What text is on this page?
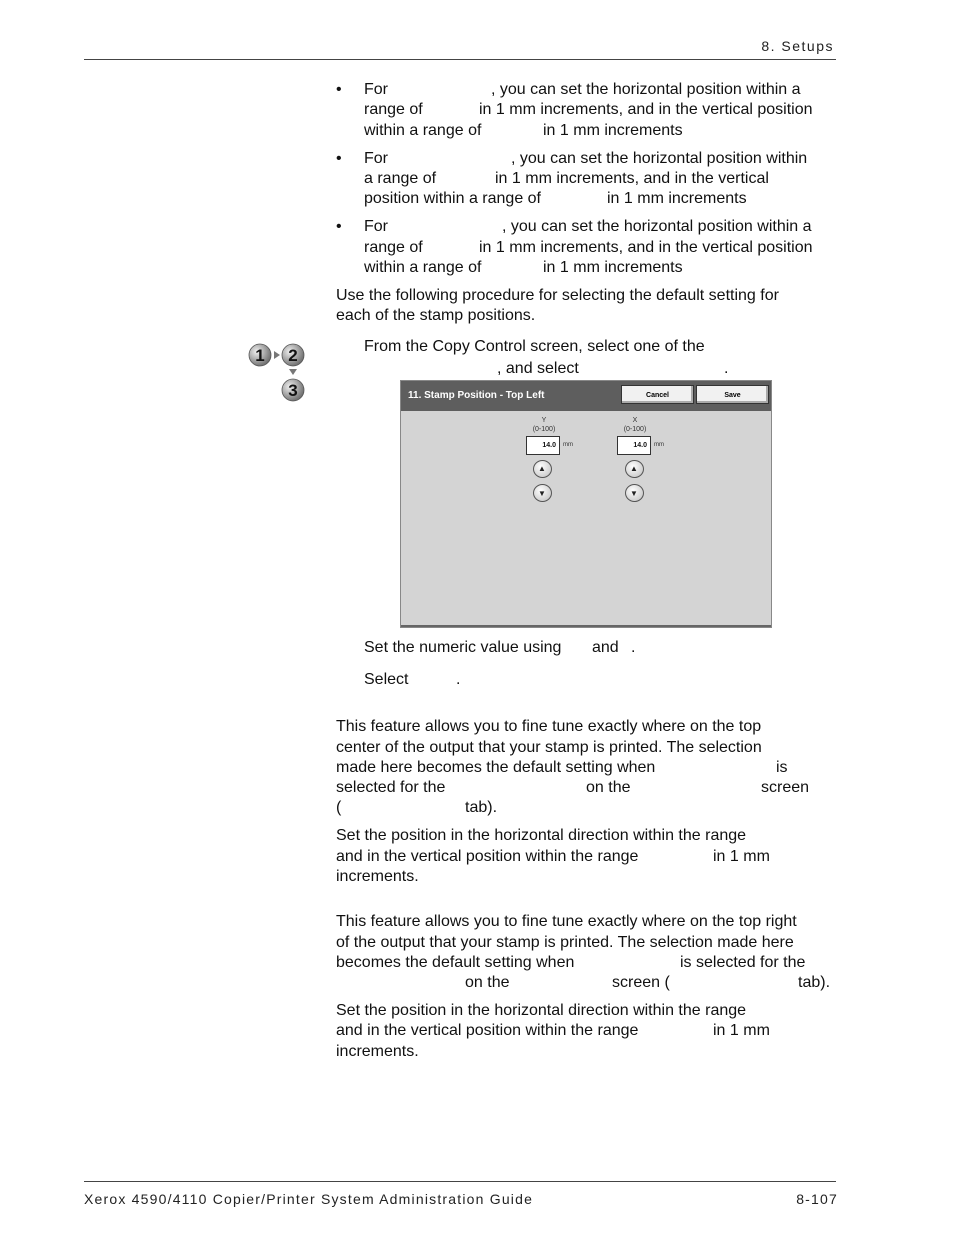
8. Setups
• For	, you can set the horizontal position within a
range of	in 1 mm increments, and in the vertical position
within a range of	in 1 mm increments
• For	, you can set the horizontal position within
a range of	in 1 mm increments, and in the vertical
position within a range of	in 1 mm increments
• For	, you can set the horizontal position within a
range of	in 1 mm increments, and in the vertical position
within a range of	in 1 mm increments
Use the following procedure for selecting the default setting for
each of the stamp positions.
1 2
3
From the Copy Control screen, select one of the
, and select	.
11. Stamp Position - Top Left	Cancel	Save
Y
(0-100)
14.0	mm
▲
▼
X
(0-100)
14.0	mm
▲
▼
Set the numeric value using and .
Select	.
This feature allows you to fine tune exactly where on the top
center of the output that your stamp is printed. The selection
made here becomes the default setting when	is
selected for the	on the	screen
(	tab).
Set the position in the horizontal direction within the range
and in the vertical position within the range	in 1 mm
increments.
This feature allows you to fine tune exactly where on the top right
of the output that your stamp is printed. The selection made here
becomes the default setting when	is selected for the
on the	screen (	tab).
Set the position in the horizontal direction within the range
and in the vertical position within the range	in 1 mm
increments.
Xerox 4590/4110 Copier/Printer System Administration Guide	8-107
